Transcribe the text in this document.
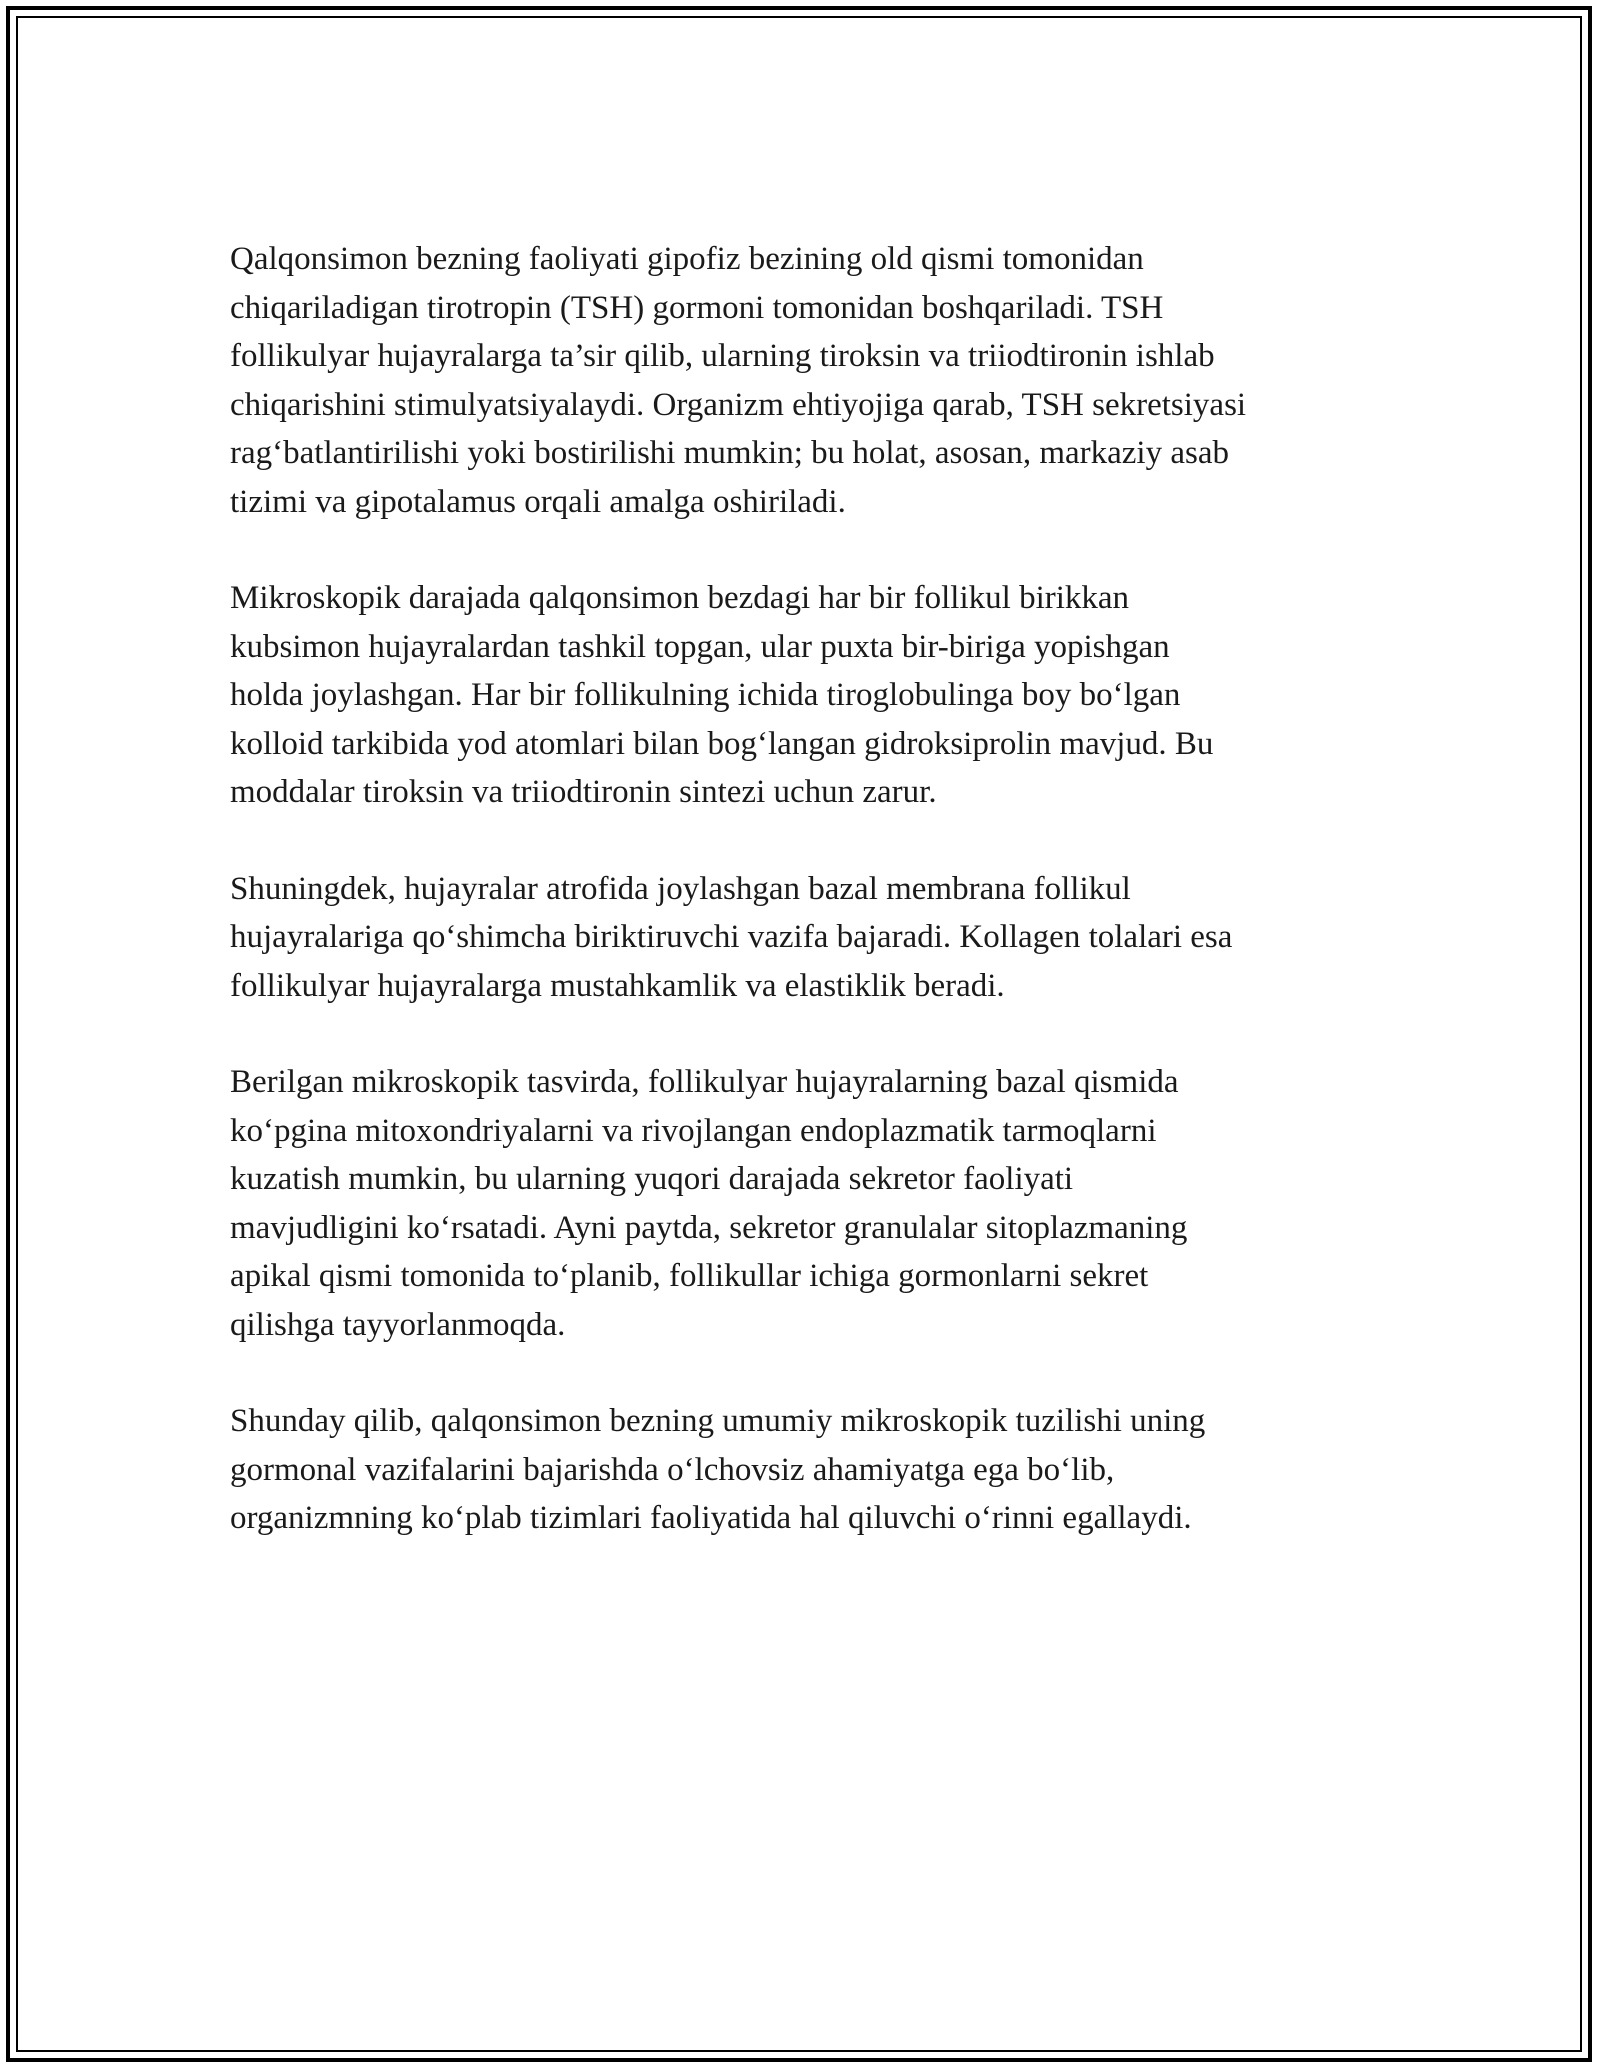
Qalqonsimon bezning faoliyati gipofiz bezining old qismi tomonidan
chiqariladigan tirotropin (TSH) gormoni tomonidan boshqariladi. TSH
follikulyar hujayralarga ta’sir qilib, ularning tiroksin va triiodtironin ishlab
chiqarishini stimulyatsiyalaydi. Organizm ehtiyojiga qarab, TSH sekretsiyasi
rag‘batlantirilishi yoki bostirilishi mumkin; bu holat, asosan, markaziy asab
tizimi va gipotalamus orqali amalga oshiriladi.

Mikroskopik darajada qalqonsimon bezdagi har bir follikul birikkan
kubsimon hujayralardan tashkil topgan, ular puxta bir-biriga yopishgan
holda joylashgan. Har bir follikulning ichida tiroglobulinga boy bo‘lgan
kolloid tarkibida yod atomlari bilan bog‘langan gidroksiprolin mavjud. Bu
moddalar tiroksin va triiodtironin sintezi uchun zarur.

Shuningdek, hujayralar atrofida joylashgan bazal membrana follikul
hujayralariga qo‘shimcha biriktiruvchi vazifa bajaradi. Kollagen tolalari esa
follikulyar hujayralarga mustahkamlik va elastiklik beradi.

Berilgan mikroskopik tasvirda, follikulyar hujayralarning bazal qismida
ko‘pgina mitoxondriyalarni va rivojlangan endoplazmatik tarmoqlarni
kuzatish mumkin, bu ularning yuqori darajada sekretor faoliyati
mavjudligini ko‘rsatadi. Ayni paytda, sekretor granulalar sitoplazmaning
apikal qismi tomonida to‘planib, follikullar ichiga gormonlarni sekret
qilishga tayyorlanmoqda.

Shunday qilib, qalqonsimon bezning umumiy mikroskopik tuzilishi uning
gormonal vazifalarini bajarishda o‘lchovsiz ahamiyatga ega bo‘lib,
organizmning ko‘plab tizimlari faoliyatida hal qiluvchi o‘rinni egallaydi.
